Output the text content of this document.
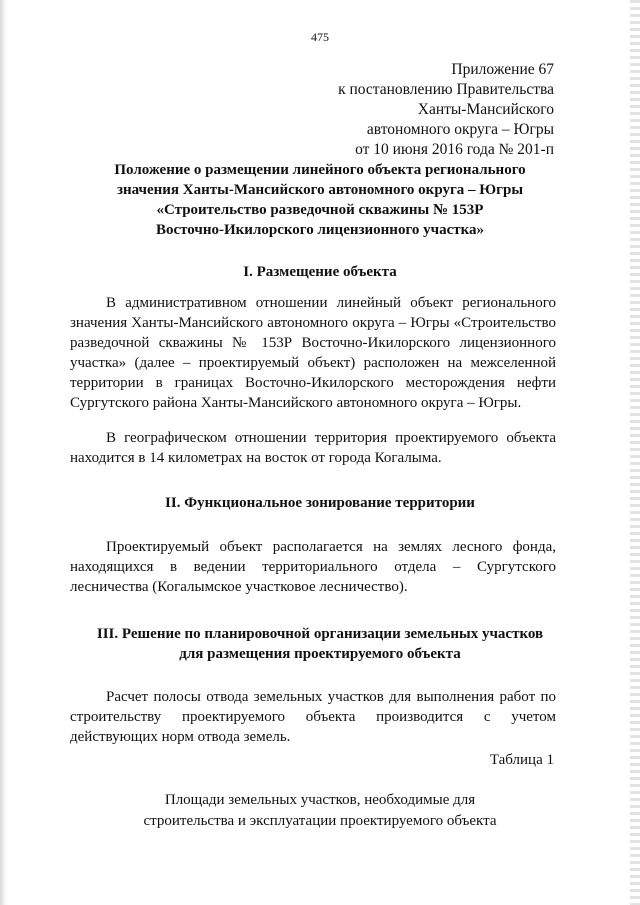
475
Приложение 67
к постановлению Правительства
Ханты-Мансийского
автономного округа – Югры
от 10 июня 2016 года № 201-п
Положение о размещении линейного объекта регионального
значения Ханты-Мансийского автономного округа – Югры
«Строительство разведочной скважины № 153Р
Восточно-Икилорского лицензионного участка»
I. Размещение объекта

В административном отношении линейный объект регионального значения Ханты-Мансийского автономного округа – Югры «Строительство разведочной скважины № 153Р Восточно-Икилорского лицензионного участка» (далее – проектируемый объект) расположен на межселенной территории в границах Восточно-Икилорского месторождения нефти Сургутского района Ханты-Мансийского автономного округа – Югры.

В географическом отношении территория проектируемого объекта находится в 14 километрах на восток от города Когалыма.

II. Функциональное зонирование территории

Проектируемый объект располагается на землях лесного фонда, находящихся в ведении территориального отдела – Сургутского лесничества (Когалымское участковое лесничество).

III. Решение по планировочной организации земельных участков
для размещения проектируемого объекта

Расчет полосы отвода земельных участков для выполнения работ по строительству проектируемого объекта производится с учетом действующих норм отвода земель.

Таблица 1
Площади земельных участков, необходимые для
строительства и эксплуатации проектируемого объекта
